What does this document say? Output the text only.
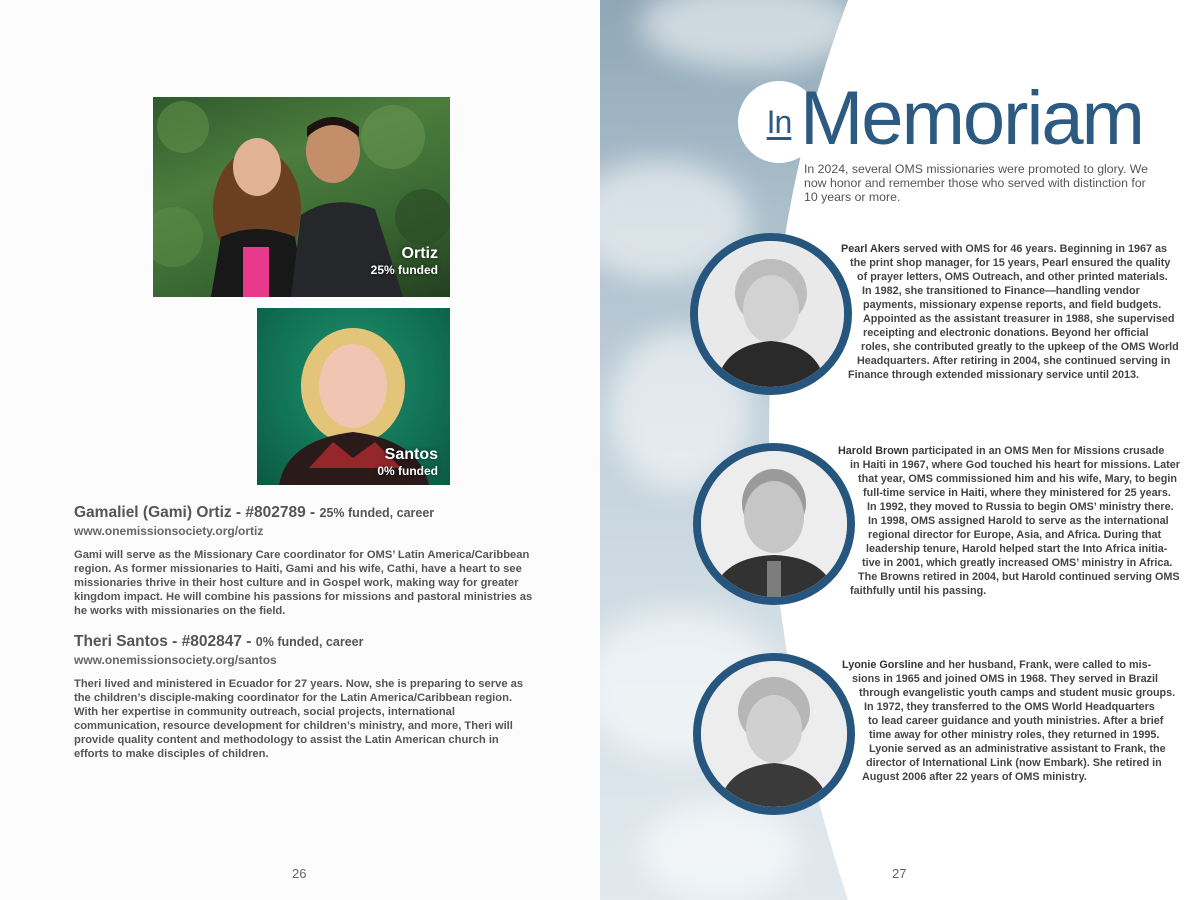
Ortiz
25% funded
Santos
0% funded
Gamaliel (Gami) Ortiz - #802789 - 25% funded, career
www.onemissionsociety.org/ortiz
Gami will serve as the Missionary Care coordinator for OMS’ Latin America/Caribbean region. As former missionaries to Haiti, Gami and his wife, Cathi, have a heart to see missionaries thrive in their host culture and in Gospel work, making way for greater kingdom impact. He will combine his passions for missions and pastoral ministries as he works with missionaries on the field.
Theri Santos - #802847 - 0% funded, career
www.onemissionsociety.org/santos
Theri lived and ministered in Ecuador for 27 years. Now, she is preparing to serve as the children’s disciple-making coordinator for the Latin America/Caribbean region. With her expertise in community outreach, social projects, international communication, resource development for children’s ministry, and more, Theri will provide quality content and methodology to assist the Latin American church in efforts to make disciples of children.
26	27
In Memoriam
In 2024, several OMS missionaries were promoted to glory. We now honor and remember those who served with distinction for 10 years or more.
Pearl Akers served with OMS for 46 years. Beginning in 1967 as
the print shop manager, for 15 years, Pearl ensured the quality
of prayer letters, OMS Outreach, and other printed materials.
In 1982, she transitioned to Finance—handling vendor
payments, missionary expense reports, and field budgets.
Appointed as the assistant treasurer in 1988, she supervised
receipting and electronic donations. Beyond her official
roles, she contributed greatly to the upkeep of the OMS World
Headquarters. After retiring in 2004, she continued serving in
Finance through extended missionary service until 2013.
Harold Brown participated in an OMS Men for Missions crusade
in Haiti in 1967, where God touched his heart for missions. Later
that year, OMS commissioned him and his wife, Mary, to begin
full-time service in Haiti, where they ministered for 25 years.
In 1992, they moved to Russia to begin OMS’ ministry there.
In 1998, OMS assigned Harold to serve as the international
regional director for Europe, Asia, and Africa. During that
leadership tenure, Harold helped start the Into Africa initia-
tive in 2001, which greatly increased OMS’ ministry in Africa.
The Browns retired in 2004, but Harold continued serving OMS
faithfully until his passing.
Lyonie Gorsline and her husband, Frank, were called to mis-
sions in 1965 and joined OMS in 1968. They served in Brazil
through evangelistic youth camps and student music groups.
In 1972, they transferred to the OMS World Headquarters
to lead career guidance and youth ministries. After a brief
time away for other ministry roles, they returned in 1995.
Lyonie served as an administrative assistant to Frank, the
director of International Link (now Embark). She retired in
August 2006 after 22 years of OMS ministry.
